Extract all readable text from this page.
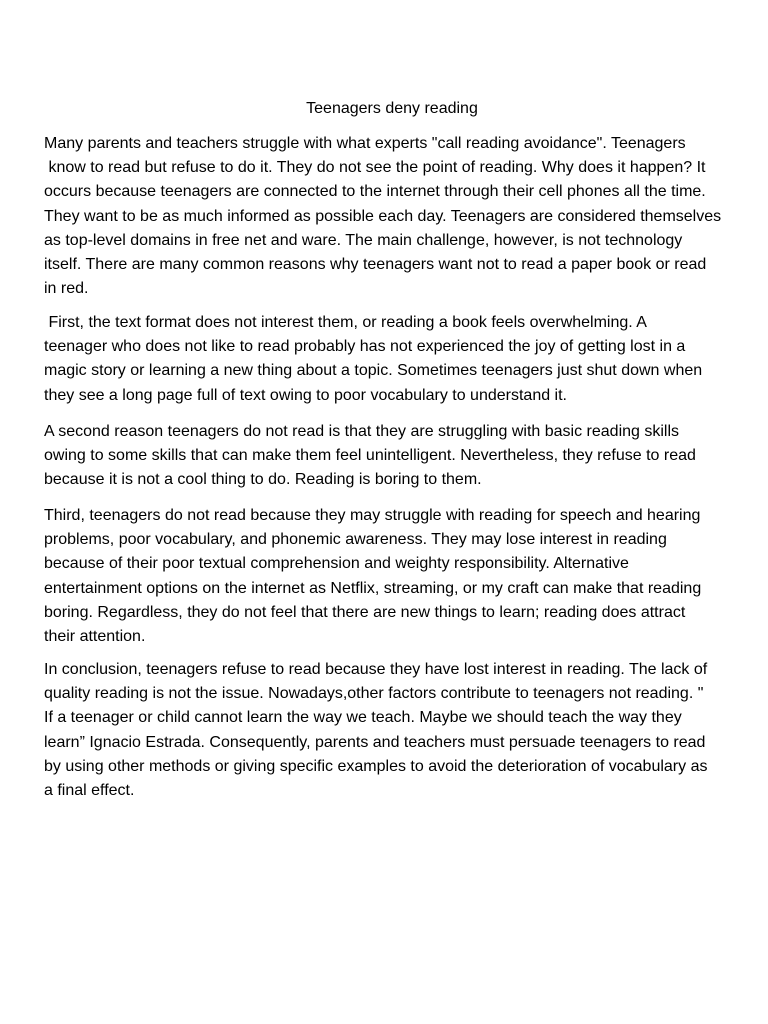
Teenagers deny reading

Many parents and teachers struggle with what experts "call reading avoidance". Teenagers
know to read but refuse to do it. They do not see the point of reading. Why does it happen? It
occurs because teenagers are connected to the internet through their cell phones all the time.
They want to be as much informed as possible each day. Teenagers are considered themselves
as top-level domains in free net and ware. The main challenge, however, is not technology
itself. There are many common reasons why teenagers want not to read a paper book or read
in red.

First, the text format does not interest them, or reading a book feels overwhelming. A
teenager who does not like to read probably has not experienced the joy of getting lost in a
magic story or learning a new thing about a topic. Sometimes teenagers just shut down when
they see a long page full of text owing to poor vocabulary to understand it.

A second reason teenagers do not read is that they are struggling with basic reading skills
owing to some skills that can make them feel unintelligent. Nevertheless, they refuse to read
because it is not a cool thing to do. Reading is boring to them.

Third, teenagers do not read because they may struggle with reading for speech and hearing
problems, poor vocabulary, and phonemic awareness. They may lose interest in reading
because of their poor textual comprehension and weighty responsibility. Alternative
entertainment options on the internet as Netflix, streaming, or my craft can make that reading
boring. Regardless, they do not feel that there are new things to learn; reading does attract
their attention.

In conclusion, teenagers refuse to read because they have lost interest in reading. The lack of
quality reading is not the issue. Nowadays,other factors contribute to teenagers not reading. "
If a teenager or child cannot learn the way we teach. Maybe we should teach the way they
learn” Ignacio Estrada. Consequently, parents and teachers must persuade teenagers to read
by using other methods or giving specific examples to avoid the deterioration of vocabulary as
a final effect.
